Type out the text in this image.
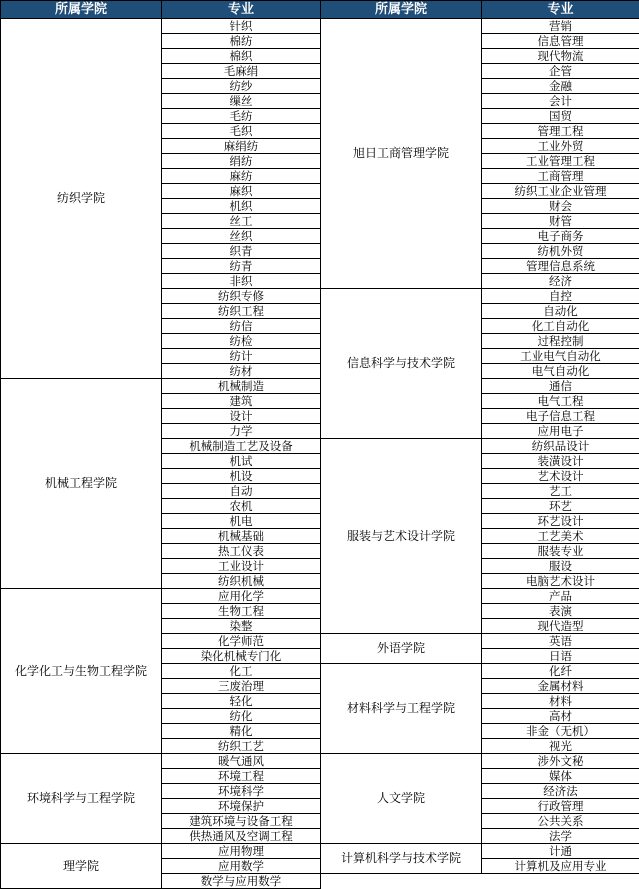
所属学院	专业	所属学院	专业
纺织学院	针织	旭日工商管理学院	营销
	棉纺		信息管理
	棉织		现代物流
	毛麻绢		企管
	纺纱		金融
	缫丝		会计
	毛纺		国贸
	毛织		管理工程
	麻绢纺		工业外贸
	绢纺		工业管理工程
	麻纺		工商管理
	麻织		纺织工业企业管理
	机织		财会
	丝工		财管
	丝织		电子商务
	织青		纺机外贸
	纺青		管理信息系统
	非织		经济
	纺织专修	信息科学与技术学院	自控
	纺织工程		自动化
	纺信		化工自动化
	纺检		过程控制
	纺计		工业电气自动化
	纺材		电气自动化
机械工程学院	机械制造		通信
	建筑		电气工程
	设计		电子信息工程
	力学		应用电子
	机械制造工艺及设备	服装与艺术设计学院	纺织品设计
	机试		装潢设计
	机设		艺术设计
	自动		艺工
	农机		环艺
	机电		环艺设计
	机械基础		工艺美术
	热工仪表		服装专业
	工业设计		服设
	纺织机械		电脑艺术设计
化学化工与生物工程学院	应用化学		产品
	生物工程		表演
	染整		现代造型
	化学师范	外语学院	英语
	染化机械专门化		日语
	化工	材料科学与工程学院	化纤
	三废治理		金属材料
	轻化		材料
	纺化		高材
	精化		非金（无机）
	纺织工艺		视光
环境科学与工程学院	暖气通风	人文学院	涉外文秘
	环境工程		媒体
	环境科学		经济法
	环境保护		行政管理
	建筑环境与设备工程		公共关系
	供热通风及空调工程		法学
理学院	应用物理	计算机科学与技术学院	计通
	应用数学		计算机及应用专业
	数学与应用数学		
